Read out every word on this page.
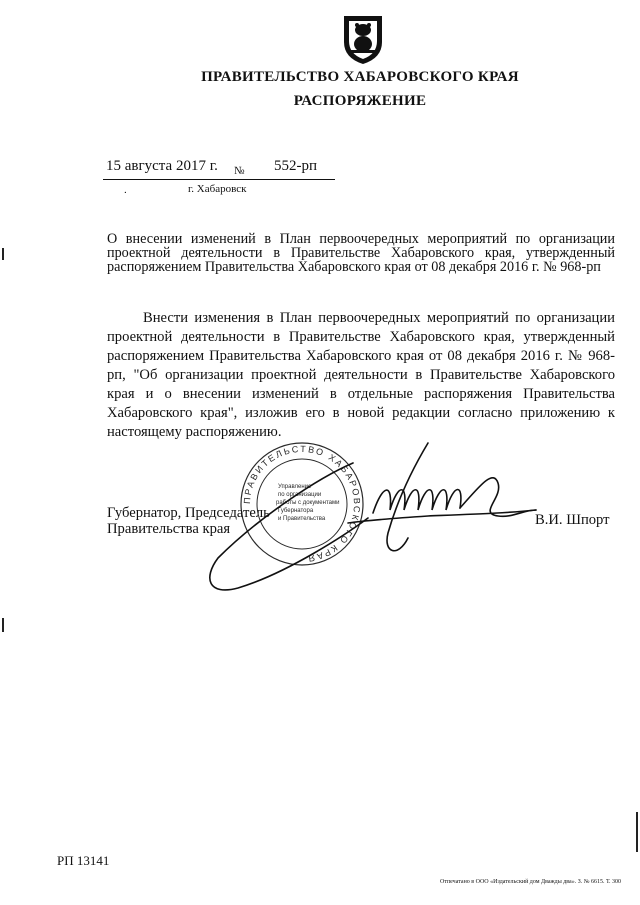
ПРАВИТЕЛЬСТВО ХАБАРОВСКОГО КРАЯ
РАСПОРЯЖЕНИЕ
15 августа 2017 г. № 552-рп
.	г. Хабаровск
О внесении изменений в План первоочередных мероприятий по организации проектной деятельности в Правительстве Хабаровского края, утвержденный распоряжением Правительства Хабаровского края от 08 декабря 2016 г. № 968-рп

Внести изменения в План первоочередных мероприятий по организации проектной деятельности в Правительстве Хабаровского края, утвержденный распоряжением Правительства Хабаровского края от 08 декабря 2016 г. № 968-рп, "Об организации проектной деятельности в Правительстве Хабаровского края и о внесении изменений в отдельные распоряжения Правительства Хабаровского края", изложив его в новой редакции согласно приложению к настоящему распоряжению.

ПРАВИТЕЛЬСТВО ХАБАРОВСКОГО КРАЯ
Управление
по организации
работы с документами
Губернатора
и Правительства
Губернатор, Председатель
Правительства края
В.И. Шпорт
РП 13141
Отпечатано в ООО «Издательский дом Дважды два». З. № 6615. Т. 300
